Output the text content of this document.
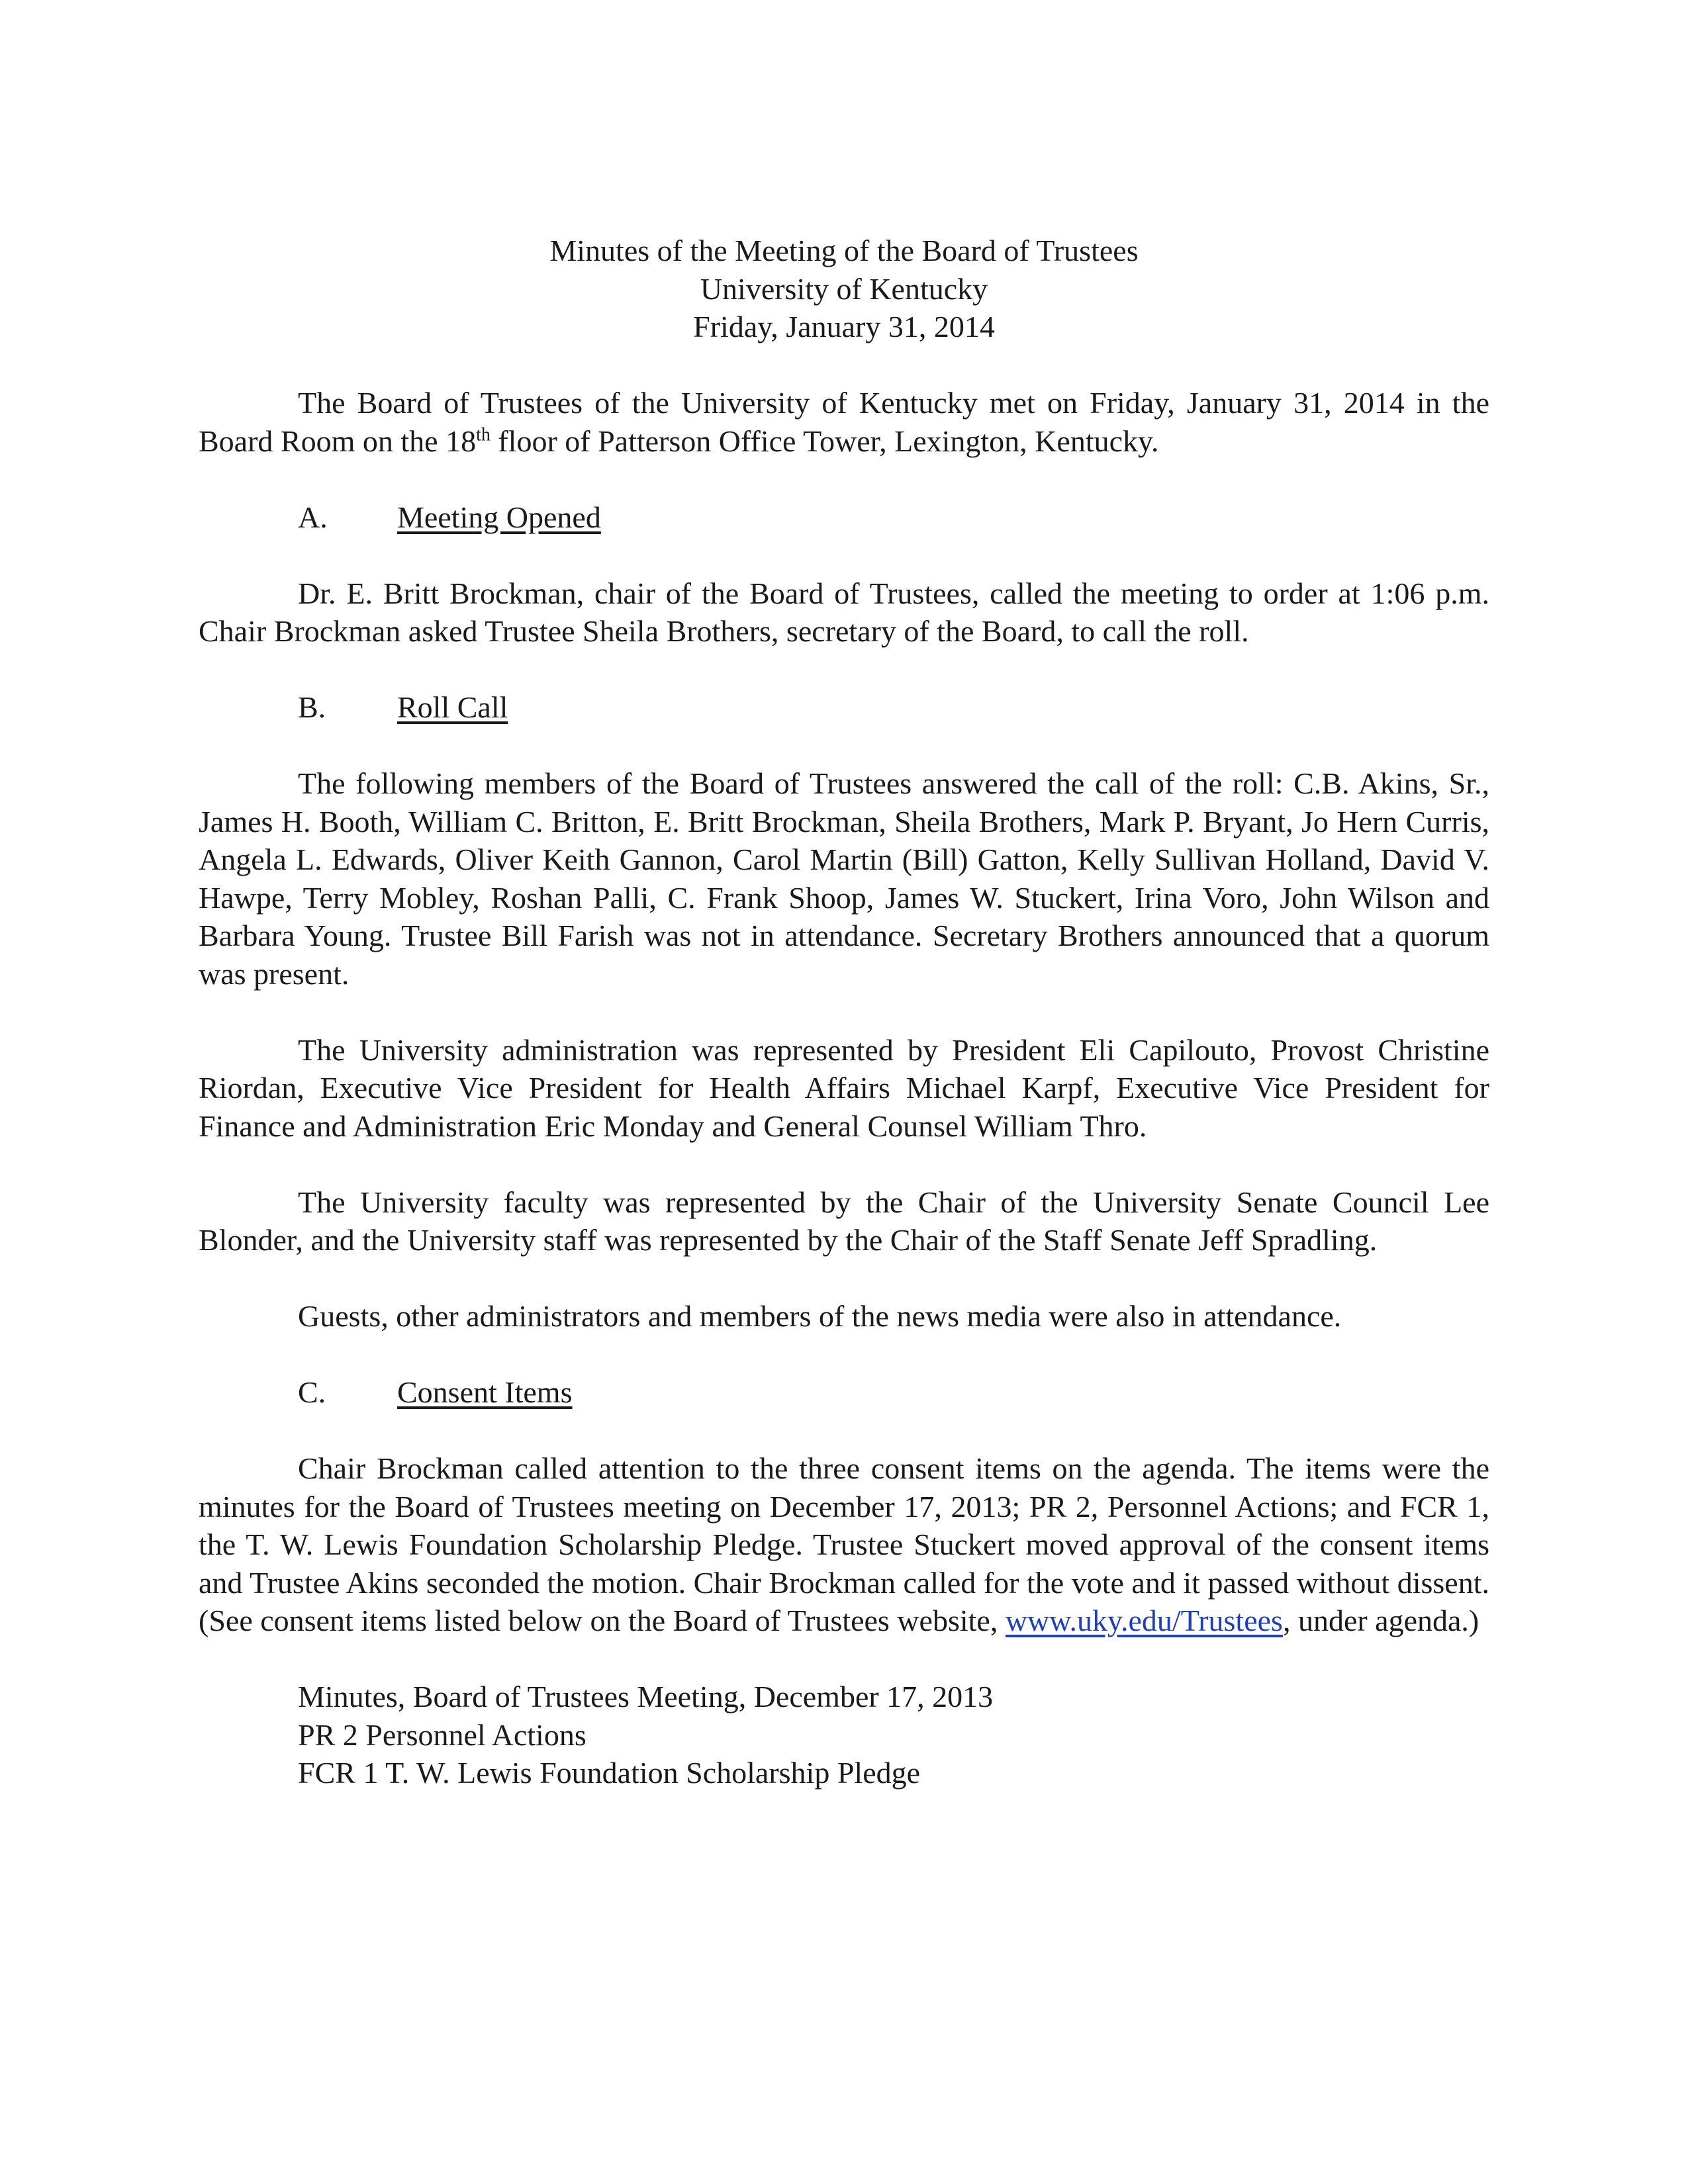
Minutes of the Meeting of the Board of Trustees
University of Kentucky
Friday, January 31, 2014

The Board of Trustees of the University of Kentucky met on Friday, January 31, 2014 in the Board Room on the 18th floor of Patterson Office Tower, Lexington, Kentucky.

A.	Meeting Opened

Dr. E. Britt Brockman, chair of the Board of Trustees, called the meeting to order at 1:06 p.m. Chair Brockman asked Trustee Sheila Brothers, secretary of the Board, to call the roll.

B.	Roll Call

The following members of the Board of Trustees answered the call of the roll: C.B. Akins, Sr., James H. Booth, William C. Britton, E. Britt Brockman, Sheila Brothers, Mark P. Bryant, Jo Hern Curris, Angela L. Edwards, Oliver Keith Gannon, Carol Martin (Bill) Gatton, Kelly Sullivan Holland, David V. Hawpe, Terry Mobley, Roshan Palli, C. Frank Shoop, James W. Stuckert, Irina Voro, John Wilson and Barbara Young. Trustee Bill Farish was not in attendance. Secretary Brothers announced that a quorum was present.

The University administration was represented by President Eli Capilouto, Provost Christine Riordan, Executive Vice President for Health Affairs Michael Karpf, Executive Vice President for Finance and Administration Eric Monday and General Counsel William Thro.

The University faculty was represented by the Chair of the University Senate Council Lee Blonder, and the University staff was represented by the Chair of the Staff Senate Jeff Spradling.

Guests, other administrators and members of the news media were also in attendance.

C.	Consent Items

Chair Brockman called attention to the three consent items on the agenda. The items were the minutes for the Board of Trustees meeting on December 17, 2013; PR 2, Personnel Actions; and FCR 1, the T. W. Lewis Foundation Scholarship Pledge. Trustee Stuckert moved approval of the consent items and Trustee Akins seconded the motion. Chair Brockman called for the vote and it passed without dissent. (See consent items listed below on the Board of Trustees website, www.uky.edu/Trustees, under agenda.)

Minutes, Board of Trustees Meeting, December 17, 2013
PR 2 Personnel Actions
FCR 1 T. W. Lewis Foundation Scholarship Pledge
